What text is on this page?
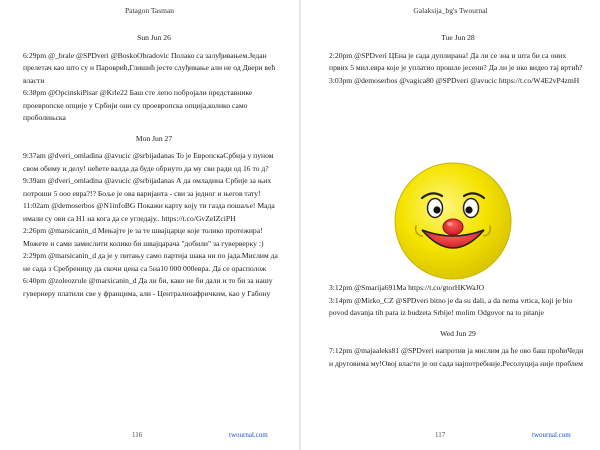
Patagon Tasman
Sun Jun 26

6:29pm @_brale @SPDveri @BoskoObradovic Полако са залуђивањем.Један прелетач као што су и Пароврић,Глишић јесте слуђивање али не од Двери већ власти

6:38pm @OpcinskiPisar @Krle22 Баш сте лепо побројали представнике проевропске опције у Србији они су проевропска опција,колико само проболињска

Mon Jun 27

9:37am @dveri_omladina @avucic @srbijadanas То је ЕвропскаСрбија у пуном свом обиму и делу! нећете валда да буде обрнуто да му сви ради од 16 то д?

9:39am @dveri_omladina @avucic @srbijadanas А да омладина Србије за њих потроши 5 ооо евра?!? Боље је ова варијанта - сви за једног и његов тату!

11:02am @demoserbos @N1infoBG Покажи карту коју ти газда пошаље! Мада имали су ови са Н1 на кога да се угледају.. https://t.co/GvZeIZciPH

2:26pm @marsicanin_d Мењајте је за те швајцарце које толико протежира! Можете и сами замислити колико би швајцарача "добили" за гуверверку :)

2:29pm @marsicanin_d да је у питању само партија шака ни по јада.Мислим да не сада з Сребреницу да скочи цена са 5на10 000 000евра. Да се орасполож

6:40pm @zoleozrule @marsicanin_d Да ли би, како не би дали и то би за нашу гувернеру платили све у францима, али - Централноафричким, као у Габону

116	twournal.com
Galaksija_bg's Twournal
Tue Jun 28

2:20pm @SPDveri ЦЕна је сада дуплирана! Да ли се зна и шта би са оних првих 5 мил.евра које је уплатио прошле јесени? Да ли је ико видео тај вртић?

3:03pm @demoserbos @vagica80 @SPDveri @avucic https://t.co/W4E2vP4zmH

3:12pm @Smarija691Ma https://t.co/gtorHKWaJO

3:14pm @Mirko_CZ @SPDveri bitno je da su dali, a da nema vrtica, koji je bio povod davanja tih para iz budzeta Srbije! molim Odgovor na to pitanje

Wed Jun 29

7:12pm @majaaleks81 @SPDveri напротив ја мислим да ће ово баш проћиЧеди и друговима му!Овој власти је ои сада најпотребније.Ресолуција није проблем

117	twournal.com
